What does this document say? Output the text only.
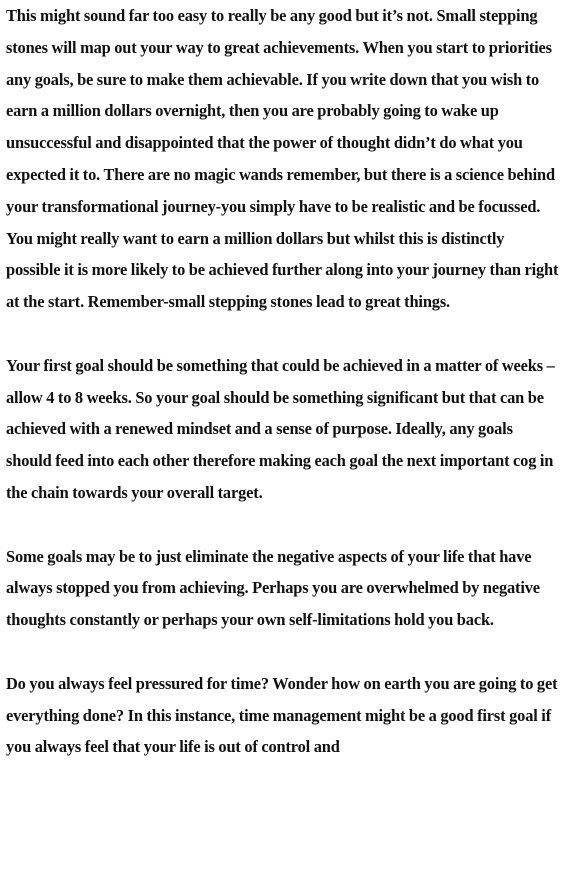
This might sound far too easy to really be any good but it’s not. Small stepping stones will map out your way to great achievements. When you start to priorities any goals, be sure to make them achievable. If you write down that you wish to earn a million dollars overnight, then you are probably going to wake up unsuccessful and disappointed that the power of thought didn’t do what you expected it to. There are no magic wands remember, but there is a science behind your transformational journey-you simply have to be realistic and be focussed.

You might really want to earn a million dollars but whilst this is distinctly possible it is more likely to be achieved further along into your journey than right at the start. Remember-small stepping stones lead to great things.

Your first goal should be something that could be achieved in a matter of weeks – allow 4 to 8 weeks. So your goal should be something significant but that can be achieved with a renewed mindset and a sense of purpose. Ideally, any goals should feed into each other therefore making each goal the next important cog in the chain towards your overall target.

Some goals may be to just eliminate the negative aspects of your life that have always stopped you from achieving. Perhaps you are overwhelmed by negative thoughts constantly or perhaps your own self-limitations hold you back.

Do you always feel pressured for time? Wonder how on earth you are going to get everything done? In this instance, time management might be a good first goal if you always feel that your life is out of control and
